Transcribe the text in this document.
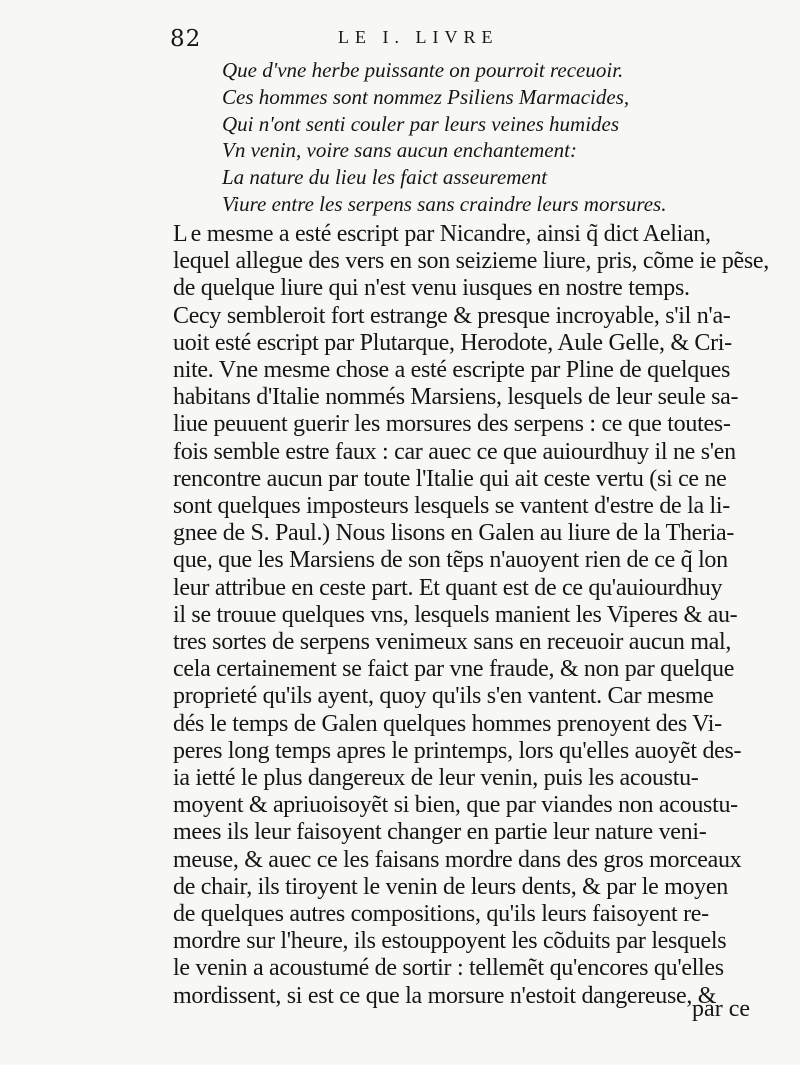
82	LE I. LIVRE
Que d'vne herbe puissante on pourroit receuoir.
Ces hommes sont nommez Psiliens Marmacides,
Qui n'ont senti couler par leurs veines humides
Vn venin, voire sans aucun enchantement:
La nature du lieu les faict asseurement
Viure entre les serpens sans craindre leurs morsures.
Le mesme a esté escript par Nicandre, ainsi q̃ dict Aelian,
lequel allegue des vers en son seizieme liure, pris, cõme ie pẽse,
de quelque liure qui n'est venu iusques en nostre temps.
Cecy sembleroit fort estrange & presque incroyable, s'il n'a-
uoit esté escript par Plutarque, Herodote, Aule Gelle, & Cri-
nite. Vne mesme chose a esté escripte par Pline de quelques
habitans d'Italie nommés Marsiens, lesquels de leur seule sa-
liue peuuent guerir les morsures des serpens : ce que toutes-
fois semble estre faux : car auec ce que auiourdhuy il ne s'en
rencontre aucun par toute l'Italie qui ait ceste vertu (si ce ne
sont quelques imposteurs lesquels se vantent d'estre de la li-
gnee de S. Paul.) Nous lisons en Galen au liure de la Theria-
que, que les Marsiens de son tẽps n'auoyent rien de ce q̃ lon
leur attribue en ceste part. Et quant est de ce qu'auiourdhuy
il se trouue quelques vns, lesquels manient les Viperes & au-
tres sortes de serpens venimeux sans en receuoir aucun mal,
cela certainement se faict par vne fraude, & non par quelque
proprieté qu'ils ayent, quoy qu'ils s'en vantent. Car mesme
dés le temps de Galen quelques hommes prenoyent des Vi-
peres long temps apres le printemps, lors qu'elles auoyẽt des-
ia ietté le plus dangereux de leur venin, puis les acoustu-
moyent & apriuoisoyẽt si bien, que par viandes non acoustu-
mees ils leur faisoyent changer en partie leur nature veni-
meuse, & auec ce les faisans mordre dans des gros morceaux
de chair, ils tiroyent le venin de leurs dents, & par le moyen
de quelques autres compositions, qu'ils leurs faisoyent re-
mordre sur l'heure, ils estouppoyent les cõduits par lesquels
le venin a acoustumé de sortir : tellemẽt qu'encores qu'elles
mordissent, si est ce que la morsure n'estoit dangereuse, &
par ce
